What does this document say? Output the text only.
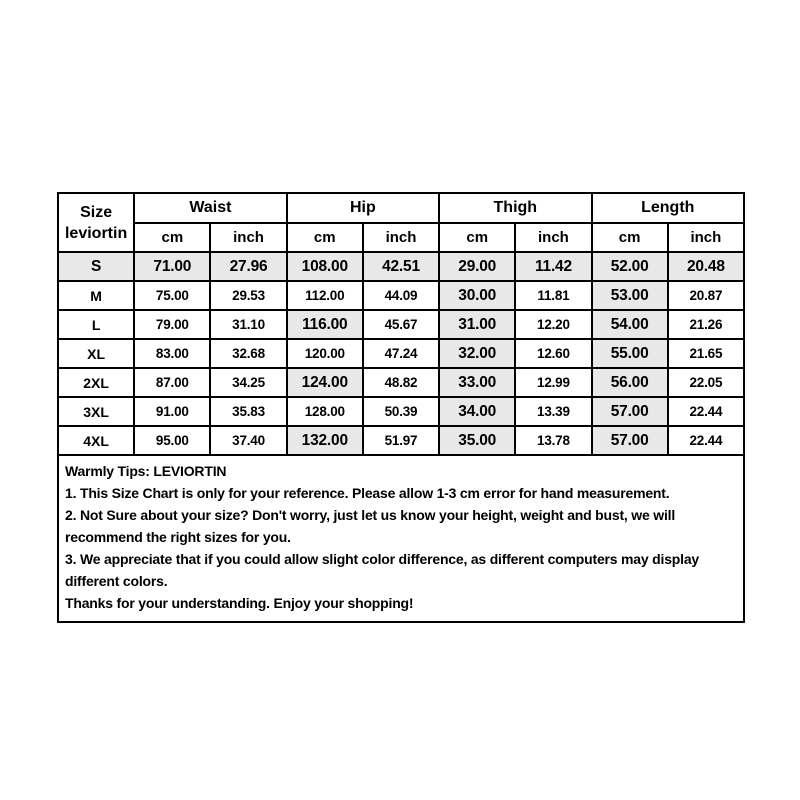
Size
leviortin	Waist		Hip		Thigh		Length	
	cm	inch	cm	inch	cm	inch	cm	inch
S	71.00	27.96	108.00	42.51	29.00	11.42	52.00	20.48
M	75.00	29.53	112.00	44.09	30.00	11.81	53.00	20.87
L	79.00	31.10	116.00	45.67	31.00	12.20	54.00	21.26
XL	83.00	32.68	120.00	47.24	32.00	12.60	55.00	21.65
2XL	87.00	34.25	124.00	48.82	33.00	12.99	56.00	22.05
3XL	91.00	35.83	128.00	50.39	34.00	13.39	57.00	22.44
4XL	95.00	37.40	132.00	51.97	35.00	13.78	57.00	22.44

Warmly Tips: LEVIORTIN

1. This Size Chart is only for your reference. Please allow 1-3 cm error for hand measurement.

2. Not Sure about your size? Don't worry, just let us know your height, weight and bust, we will recommend the right sizes for you.

3. We appreciate that if you could allow slight color difference, as different computers may display different colors.

Thanks for your understanding. Enjoy your shopping!
